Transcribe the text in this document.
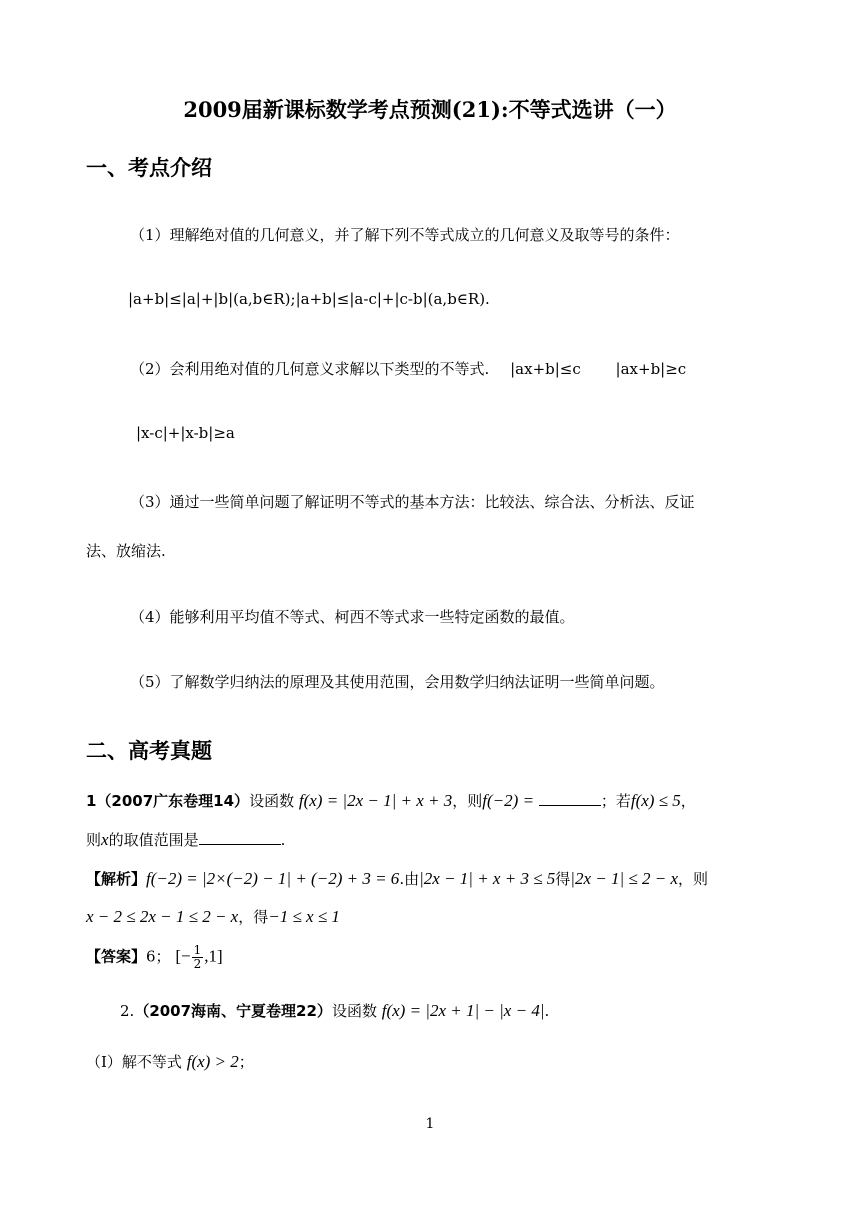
2009届新课标数学考点预测(21):不等式选讲（一）
一、考点介绍
（1）理解绝对值的几何意义，并了解下列不等式成立的几何意义及取等号的条件：
|a+b|≤|a|+|b|(a,b∈R);|a+b|≤|a-c|+|c-b|(a,b∈R).
（2）会利用绝对值的几何意义求解以下类型的不等式. |ax+b|≤c |ax+b|≥c
|x-c|+|x-b|≥a
（3）通过一些简单问题了解证明不等式的基本方法：比较法、综合法、分析法、反证
法、放缩法.
（4）能够利用平均值不等式、柯西不等式求一些特定函数的最值。
（5）了解数学归纳法的原理及其使用范围，会用数学归纳法证明一些简单问题。
二、高考真题
1（2007广东卷理14）设函数 f(x) = |2x − 1| + x + 3，则f(−2) =	；若f(x) ≤ 5，
则x的取值范围是	.
【解析】f(−2) = |2×(−2) − 1| + (−2) + 3 = 6.由|2x − 1| + x + 3 ≤ 5得|2x − 1| ≤ 2 − x，则
x − 2 ≤ 2x − 1 ≤ 2 − x，得−1 ≤ x ≤ 1
【答案】6； [− $\frac{1}{2} ,1$]
2.（2007海南、宁夏卷理22）设函数 f(x) = |2x + 1| − |x − 4|.
（I）解不等式 f(x) > 2；
1
